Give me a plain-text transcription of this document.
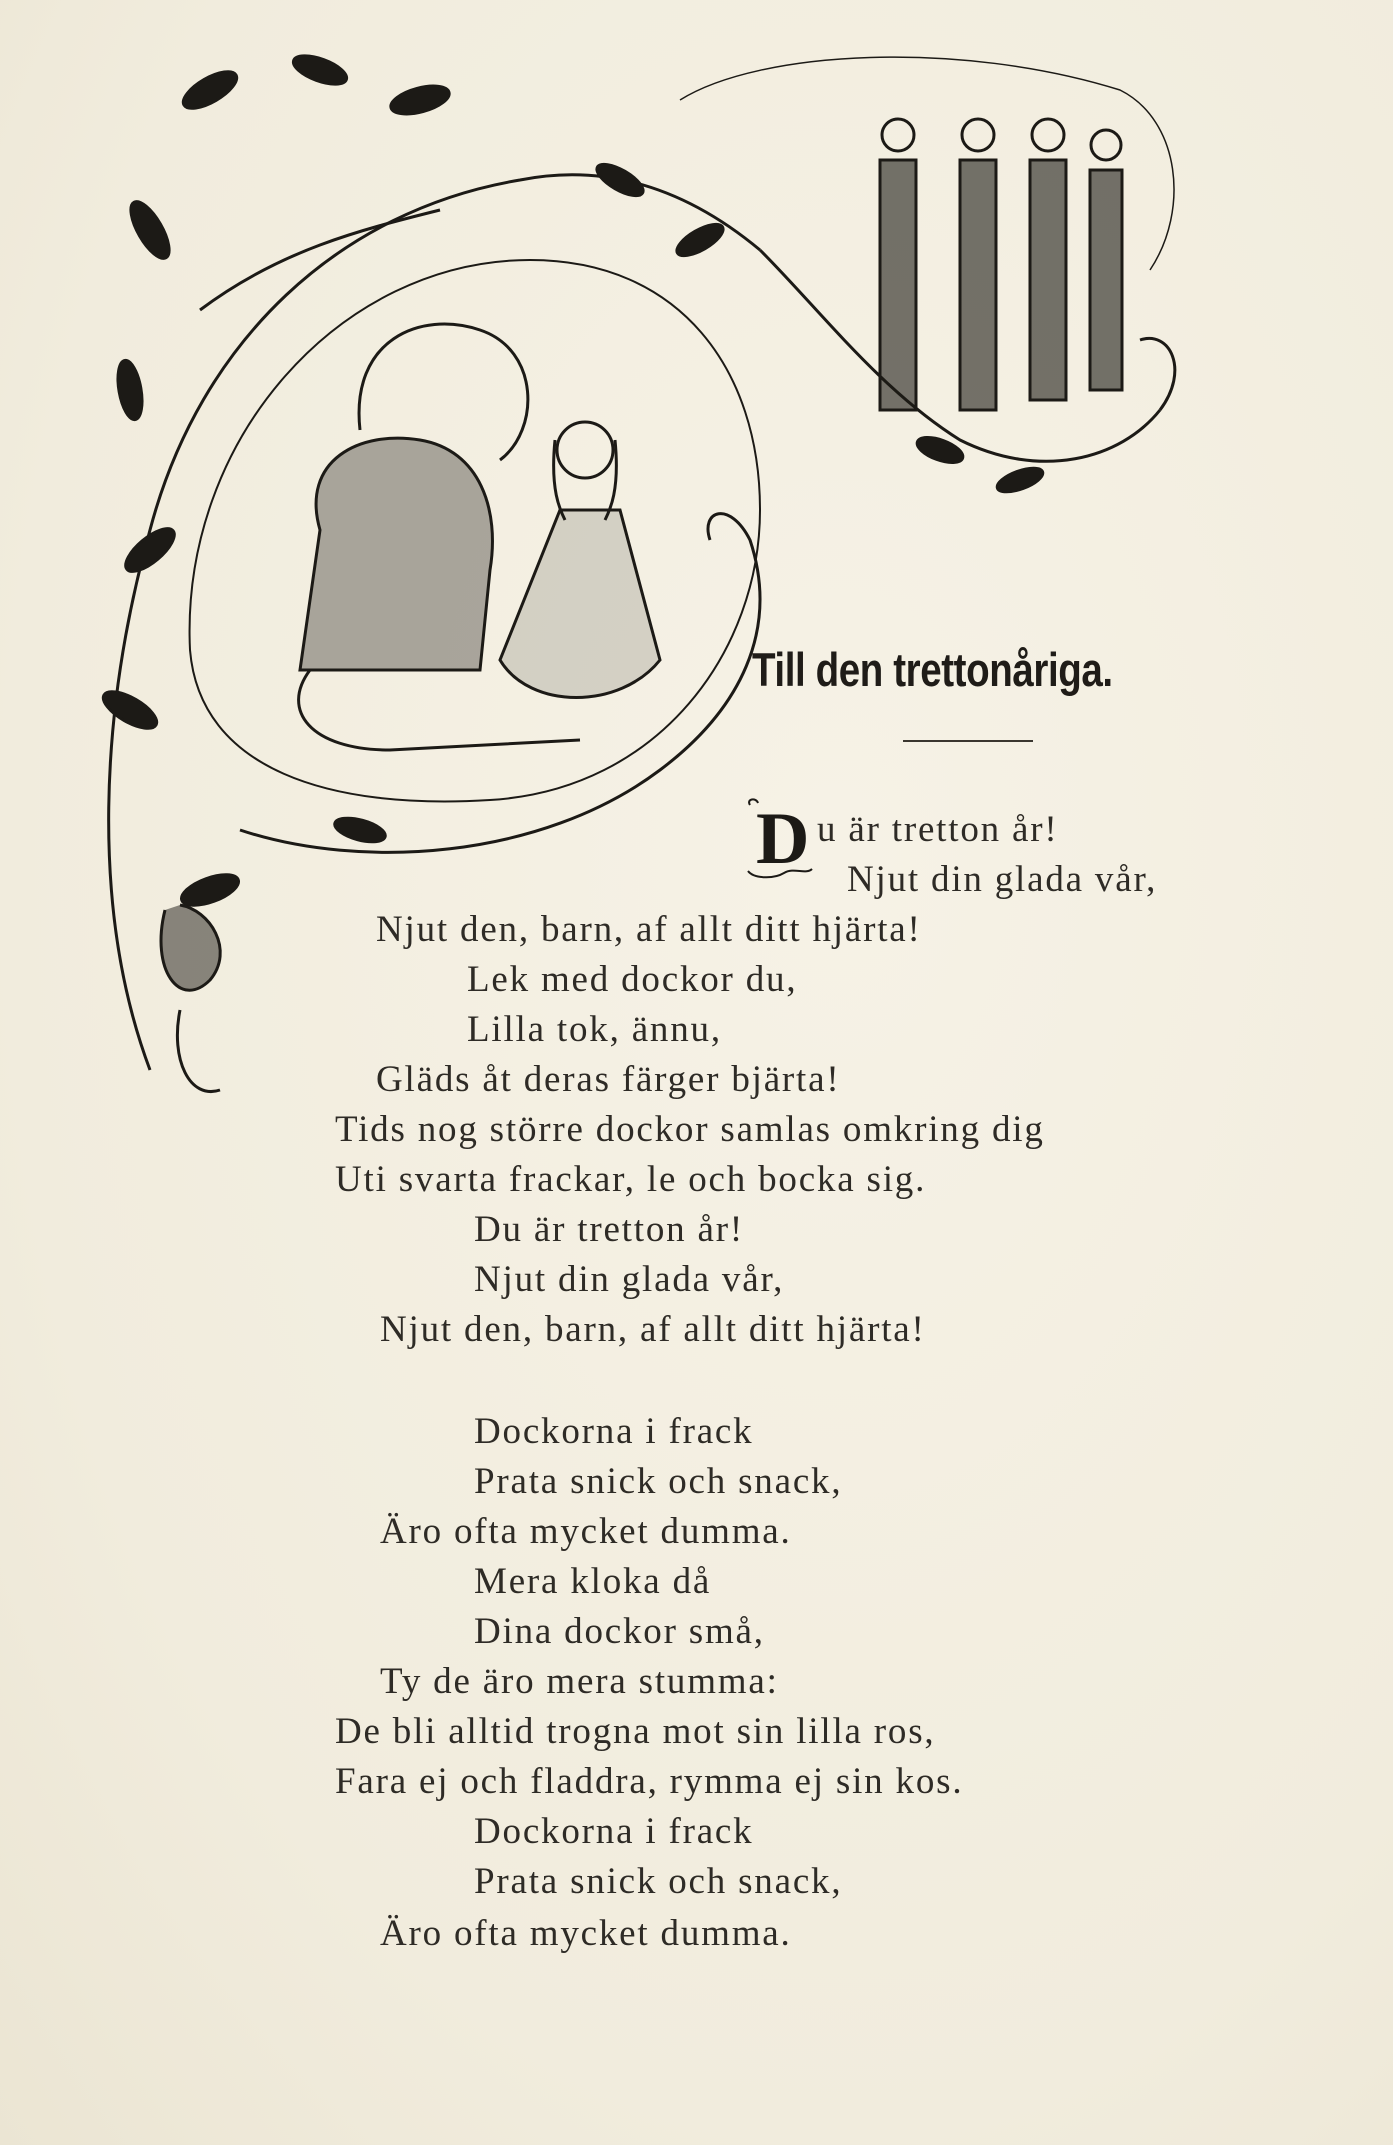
Till den trettonåriga.
D u är tretton år!
Njut din glada vår,
Njut den, barn, af allt ditt hjärta!
Lek med dockor du,
Lilla tok, ännu,
Gläds åt deras färger bjärta!
Tids nog större dockor samlas omkring dig
Uti svarta frackar, le och bocka sig.
Du är tretton år!
Njut din glada vår,
Njut den, barn, af allt ditt hjärta!
Dockorna i frack
Prata snick och snack,
Äro ofta mycket dumma.
Mera kloka då
Dina dockor små,
Ty de äro mera stumma:
De bli alltid trogna mot sin lilla ros,
Fara ej och fladdra, rymma ej sin kos.
Dockorna i frack
Prata snick och snack,
Äro ofta mycket dumma.
